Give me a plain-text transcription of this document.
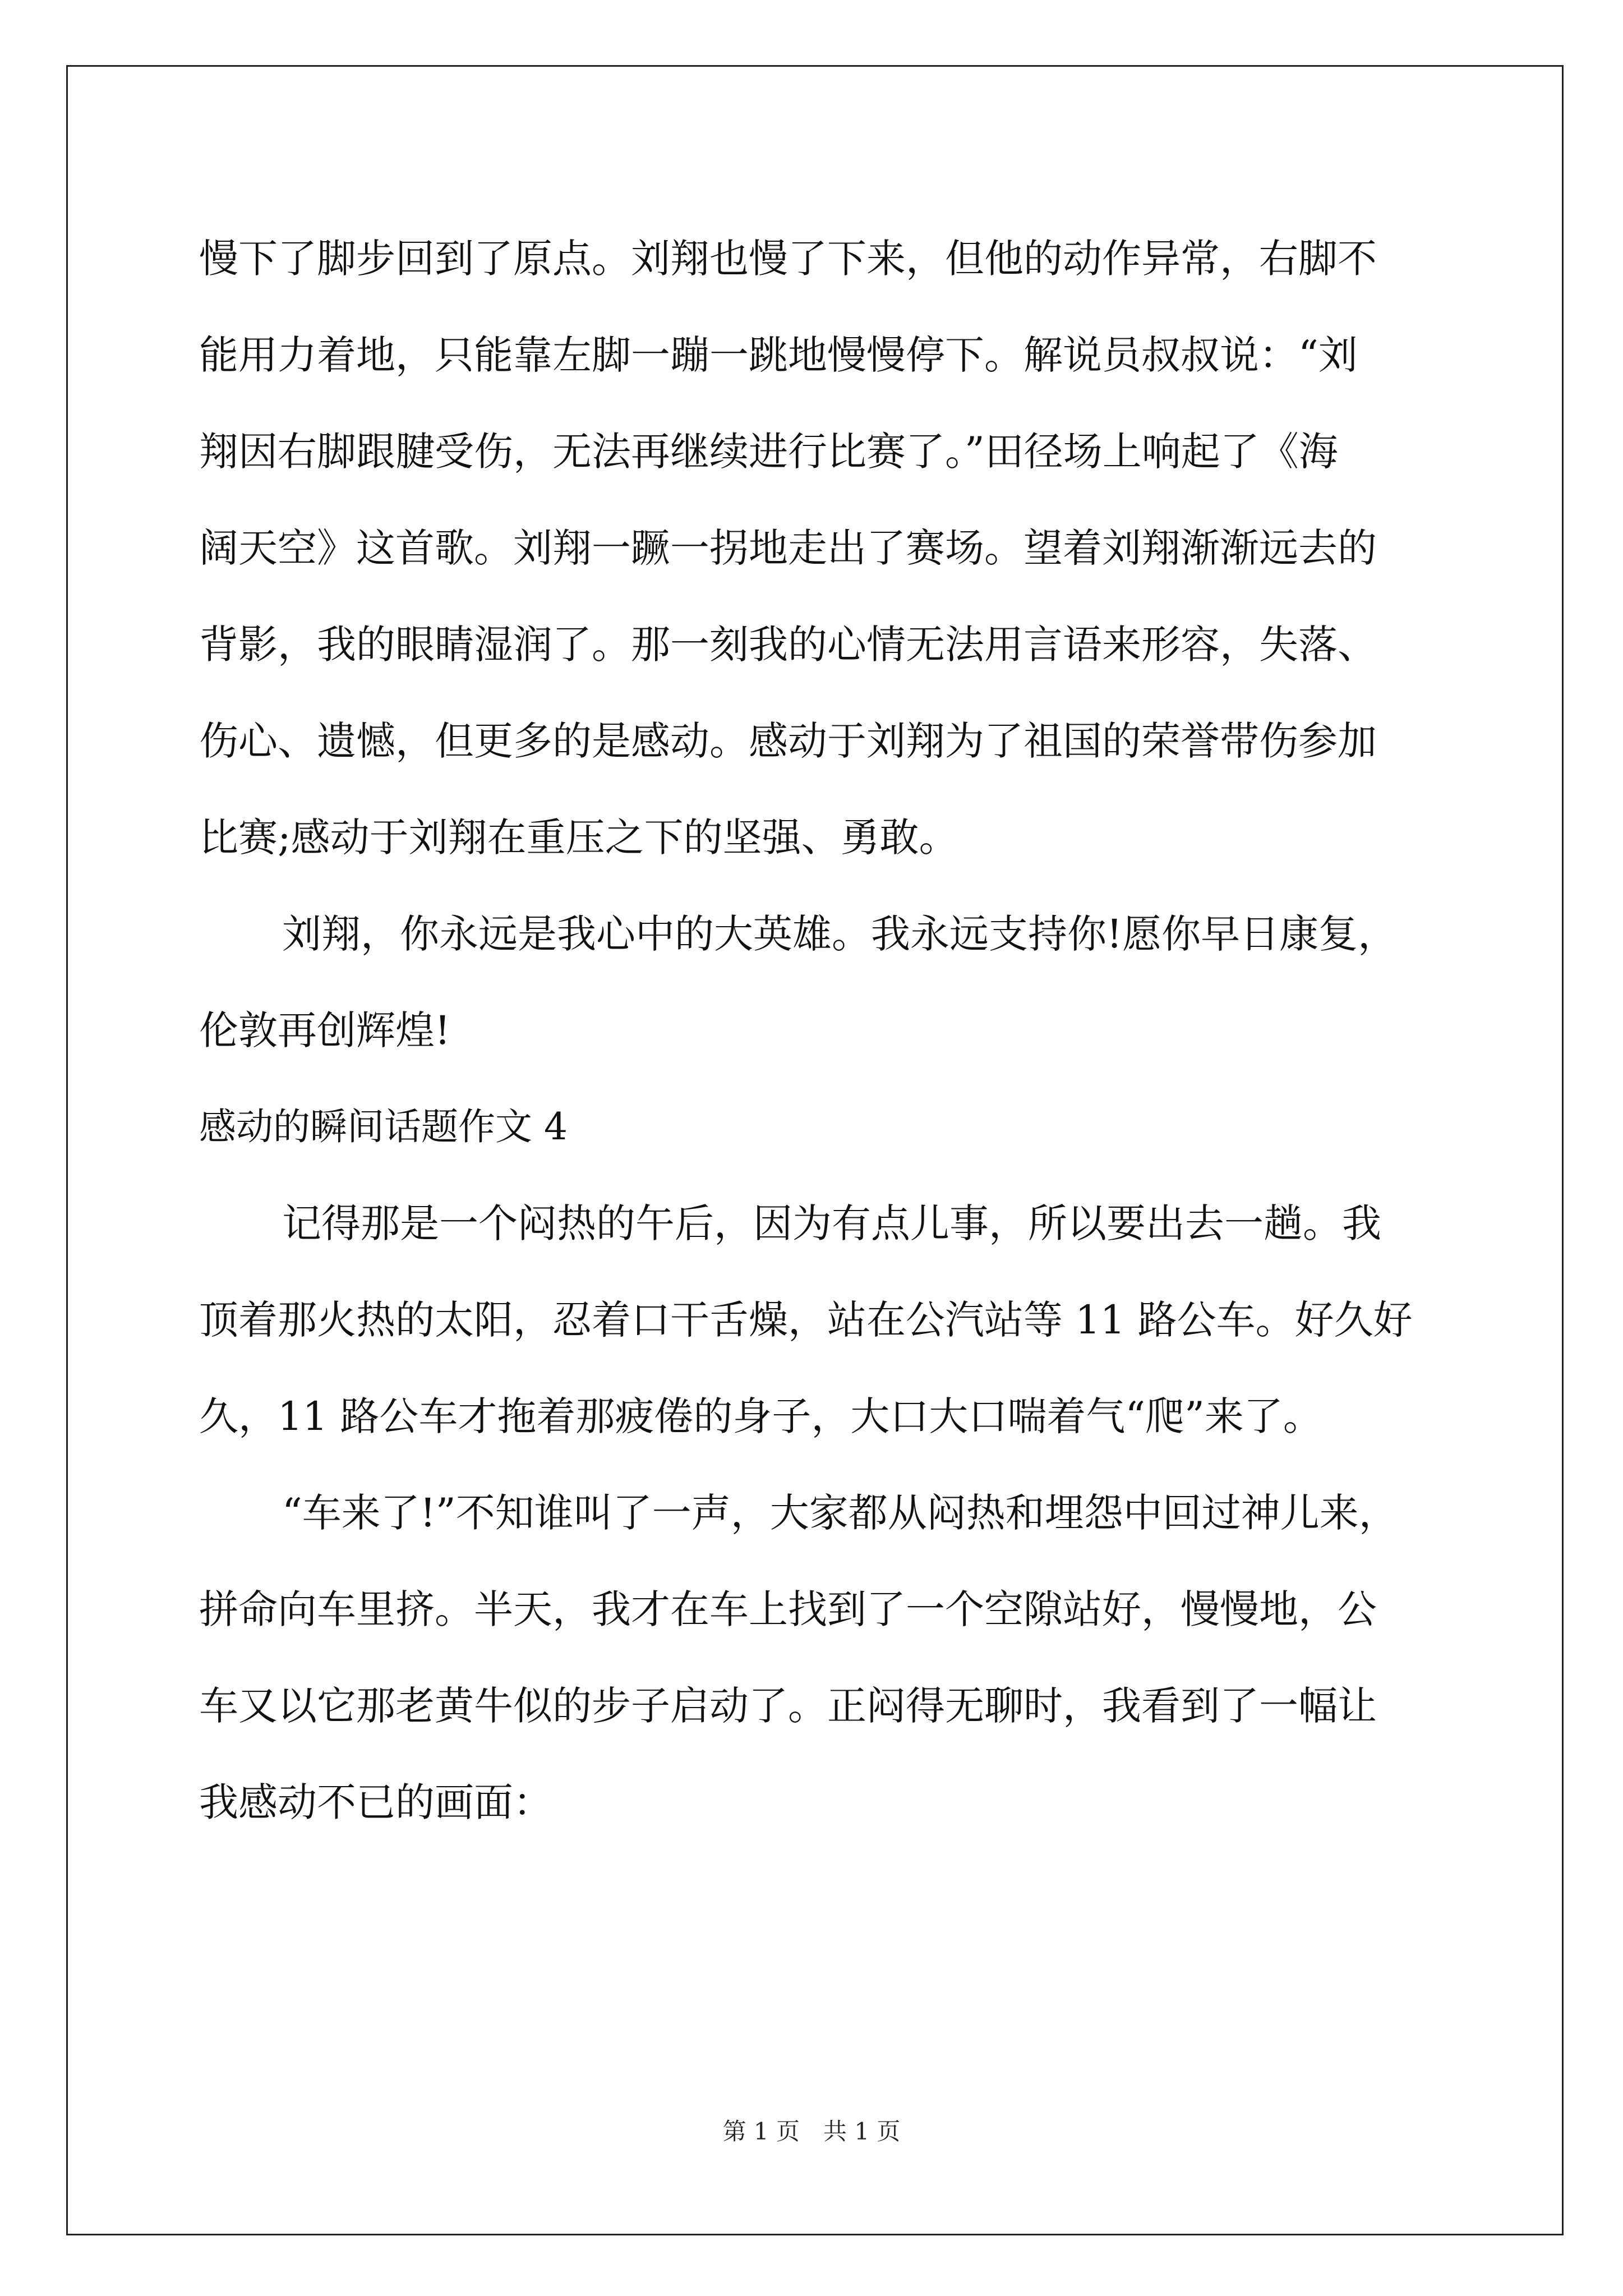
慢下了脚步回到了原点。刘翔也慢了下来，但他的动作异常，右脚不
能用力着地，只能靠左脚一蹦一跳地慢慢停下。解说员叔叔说：“刘
翔因右脚跟腱受伤，无法再继续进行比赛了。”田径场上响起了《海
阔天空》这首歌。刘翔一蹶一拐地走出了赛场。望着刘翔渐渐远去的
背影，我的眼睛湿润了。那一刻我的心情无法用言语来形容，失落、
伤心、遗憾，但更多的是感动。感动于刘翔为了祖国的荣誉带伤参加
比赛;感动于刘翔在重压之下的坚强、勇敢。
刘翔，你永远是我心中的大英雄。我永远支持你!愿你早日康复，
伦敦再创辉煌!
感动的瞬间话题作文 4
记得那是一个闷热的午后，因为有点儿事，所以要出去一趟。我
顶着那火热的太阳，忍着口干舌燥，站在公汽站等 11 路公车。好久好
久，11 路公车才拖着那疲倦的身子，大口大口喘着气“爬”来了。
“车来了!”不知谁叫了一声，大家都从闷热和埋怨中回过神儿来，
拼命向车里挤。半天，我才在车上找到了一个空隙站好，慢慢地，公
车又以它那老黄牛似的步子启动了。正闷得无聊时，我看到了一幅让
我感动不已的画面：
第 1 页　共 1 页
